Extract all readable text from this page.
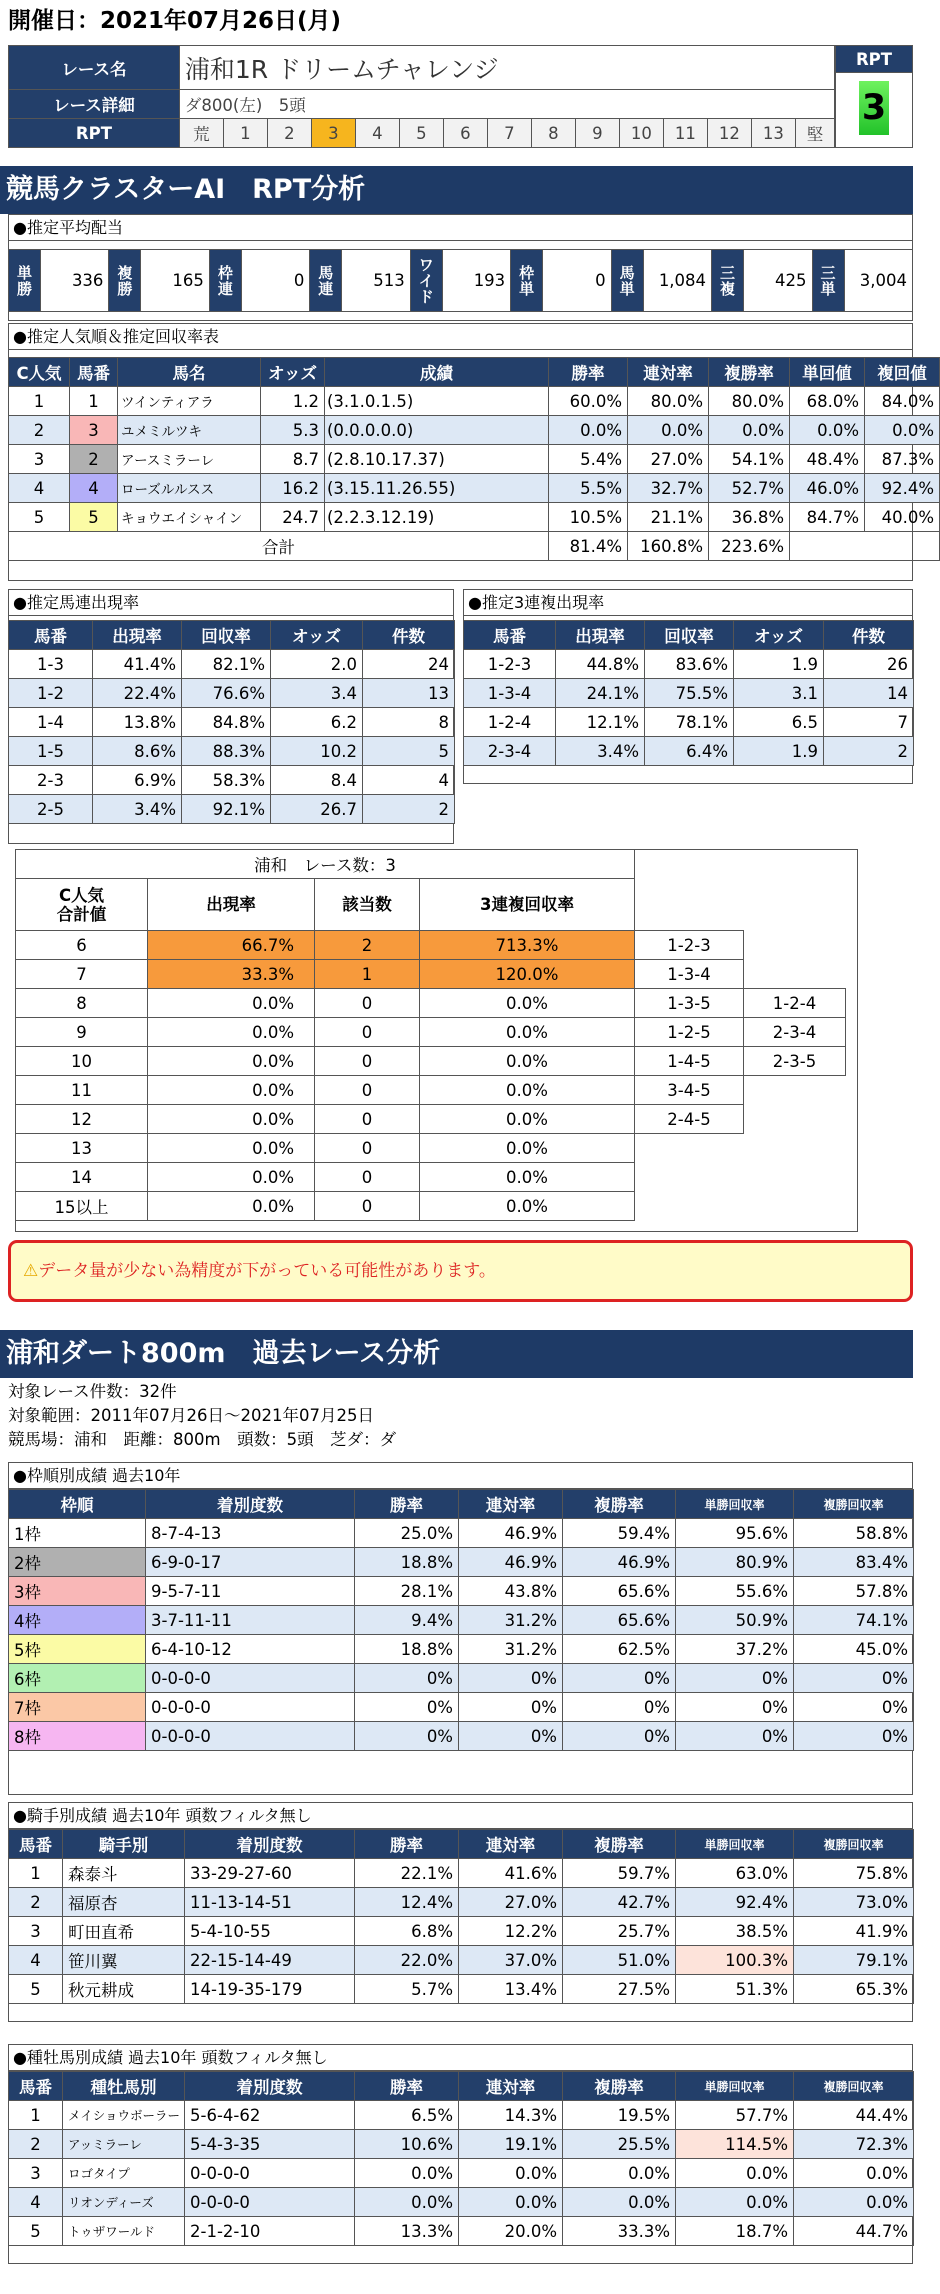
開催日：2021年07月26日(月)
レース名	浦和1R ドリームチャレンジ														
レース詳細	ダ800(左)　5頭														
RPT	荒	1	2	3	4	5	6	7	8	9	10	11	12	13	堅
RPT
3
競馬クラスターAI　RPT分析
●推定平均配当
単勝	336	複勝	165	枠連	0	馬連	513	ワイド	193	枠単	0	馬単	1,084	三複	425	三単	3,004
●推定人気順＆推定回収率表
C人気	馬番	馬名	オッズ	成績	勝率	連対率	複勝率	単回値	複回値
1	1	ツインティアラ	1.2	(3.1.0.1.5)	60.0%	80.0%	80.0%	68.0%	84.0%
2	3	ユメミルツキ	5.3	(0.0.0.0.0)	0.0%	0.0%	0.0%	0.0%	0.0%
3	2	アースミラーレ	8.7	(2.8.10.17.37)	5.4%	27.0%	54.1%	48.4%	87.3%
4	4	ローズルルスス	16.2	(3.15.11.26.55)	5.5%	32.7%	52.7%	46.0%	92.4%
5	5	キョウエイシャイン	24.7	(2.2.3.12.19)	10.5%	21.1%	36.8%	84.7%	40.0%
合計					81.4%	160.8%	223.6%		
●推定馬連出現率
馬番	出現率	回収率	オッズ	件数
1-3	41.4%	82.1%	2.0	24
1-2	22.4%	76.6%	3.4	13
1-4	13.8%	84.8%	6.2	8
1-5	8.6%	88.3%	10.2	5
2-3	6.9%	58.3%	8.4	4
2-5	3.4%	92.1%	26.7	2
●推定3連複出現率
馬番	出現率	回収率	オッズ	件数
1-2-3	44.8%	83.6%	1.9	26
1-3-4	24.1%	75.5%	3.1	14
1-2-4	12.1%	78.1%	6.5	7
2-3-4	3.4%	6.4%	1.9	2
浦和　レース数：3					
C人気
合計値	出現率	該当数	3連複回収率		
6	66.7%	2	713.3%	1-2-3	
7	33.3%	1	120.0%	1-3-4	
8	0.0%	0	0.0%	1-3-5	1-2-4
9	0.0%	0	0.0%	1-2-5	2-3-4
10	0.0%	0	0.0%	1-4-5	2-3-5
11	0.0%	0	0.0%	3-4-5	
12	0.0%	0	0.0%	2-4-5	
13	0.0%	0	0.0%		
14	0.0%	0	0.0%		
15以上	0.0%	0	0.0%		
⚠データ量が少ない為精度が下がっている可能性があります。
浦和ダート800m　過去レース分析
対象レース件数：32件
対象範囲：2011年07月26日～2021年07月25日
競馬場：浦和　距離：800m　頭数：5頭　芝ダ：ダ
●枠順別成績 過去10年
枠順	着別度数	勝率	連対率	複勝率	単勝回収率	複勝回収率
1枠	8-7-4-13	25.0%	46.9%	59.4%	95.6%	58.8%
2枠	6-9-0-17	18.8%	46.9%	46.9%	80.9%	83.4%
3枠	9-5-7-11	28.1%	43.8%	65.6%	55.6%	57.8%
4枠	3-7-11-11	9.4%	31.2%	65.6%	50.9%	74.1%
5枠	6-4-10-12	18.8%	31.2%	62.5%	37.2%	45.0%
6枠	0-0-0-0	0%	0%	0%	0%	0%
7枠	0-0-0-0	0%	0%	0%	0%	0%
8枠	0-0-0-0	0%	0%	0%	0%	0%
●騎手別成績 過去10年 頭数フィルタ無し
馬番	騎手別	着別度数	勝率	連対率	複勝率	単勝回収率	複勝回収率
1	森泰斗	33-29-27-60	22.1%	41.6%	59.7%	63.0%	75.8%
2	福原杏	11-13-14-51	12.4%	27.0%	42.7%	92.4%	73.0%
3	町田直希	5-4-10-55	6.8%	12.2%	25.7%	38.5%	41.9%
4	笹川翼	22-15-14-49	22.0%	37.0%	51.0%	100.3%	79.1%
5	秋元耕成	14-19-35-179	5.7%	13.4%	27.5%	51.3%	65.3%
●種牡馬別成績 過去10年 頭数フィルタ無し
馬番	種牡馬別	着別度数	勝率	連対率	複勝率	単勝回収率	複勝回収率
1	メイショウボーラー	5-6-4-62	6.5%	14.3%	19.5%	57.7%	44.4%
2	アッミラーレ	5-4-3-35	10.6%	19.1%	25.5%	114.5%	72.3%
3	ロゴタイプ	0-0-0-0	0.0%	0.0%	0.0%	0.0%	0.0%
4	リオンディーズ	0-0-0-0	0.0%	0.0%	0.0%	0.0%	0.0%
5	トゥザワールド	2-1-2-10	13.3%	20.0%	33.3%	18.7%	44.7%
